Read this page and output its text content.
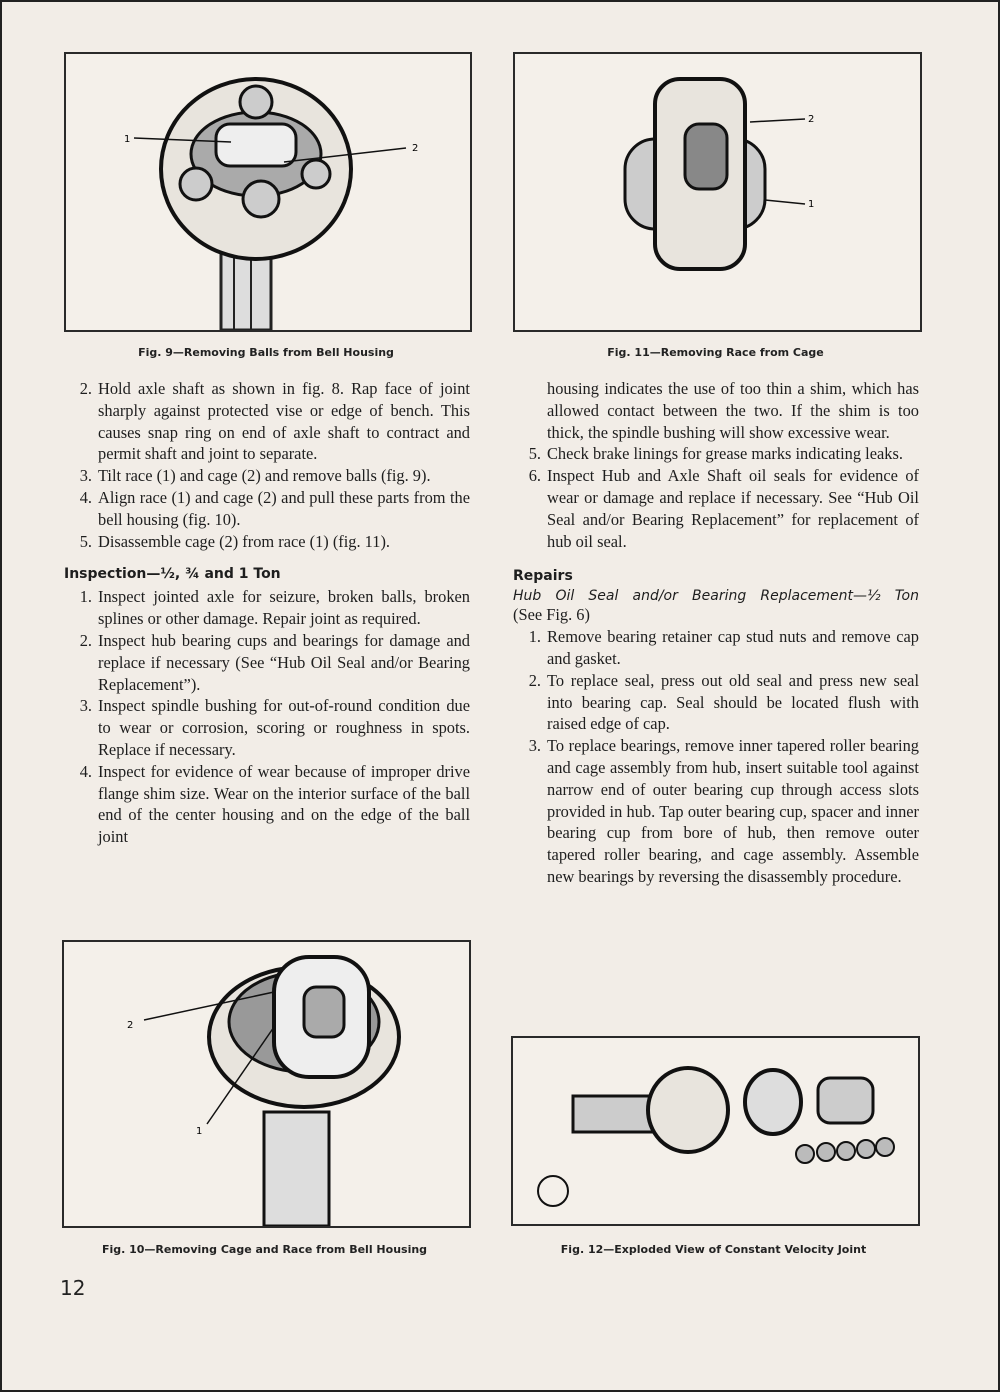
1
2
Fig. 9—Removing Balls from Bell Housing
2
1
Fig. 11—Removing Race from Cage
2. Hold axle shaft as shown in fig. 8. Rap face of joint sharply against protected vise or edge of bench. This causes snap ring on end of axle shaft to contract and permit shaft and joint to separate.
3. Tilt race (1) and cage (2) and remove balls (fig. 9).
4. Align race (1) and cage (2) and pull these parts from the bell housing (fig. 10).
5. Disassemble cage (2) from race (1) (fig. 11).
Inspection—½, ¾ and 1 Ton
1. Inspect jointed axle for seizure, broken balls, broken splines or other damage. Repair joint as required.
2. Inspect hub bearing cups and bearings for damage and replace if necessary (See “Hub Oil Seal and/or Bearing Replacement”).
3. Inspect spindle bushing for out-of-round condition due to wear or corrosion, scoring or roughness in spots. Replace if necessary.
4. Inspect for evidence of wear because of improper drive flange shim size. Wear on the interior surface of the ball end of the center housing and on the edge of the ball joint
housing indicates the use of too thin a shim, which has allowed contact between the two. If the shim is too thick, the spindle bushing will show excessive wear.
5. Check brake linings for grease marks indicating leaks.
6. Inspect Hub and Axle Shaft oil seals for evidence of wear or damage and replace if necessary. See “Hub Oil Seal and/or Bearing Replacement” for replacement of hub oil seal.
Repairs
Hub Oil Seal and/or Bearing Replacement—½ Ton
(See Fig. 6)
1. Remove bearing retainer cap stud nuts and remove cap and gasket.
2. To replace seal, press out old seal and press new seal into bearing cap. Seal should be located flush with raised edge of cap.
3. To replace bearings, remove inner tapered roller bearing and cage assembly from hub, insert suitable tool against narrow end of outer bearing cup through access slots provided in hub. Tap outer bearing cup, spacer and inner bearing cup from bore of hub, then remove outer tapered roller bearing, and cage assembly. Assemble new bearings by reversing the disassembly procedure.
2
1
Fig. 10—Removing Cage and Race from Bell Housing	Fig. 12—Exploded View of Constant Velocity Joint
12
